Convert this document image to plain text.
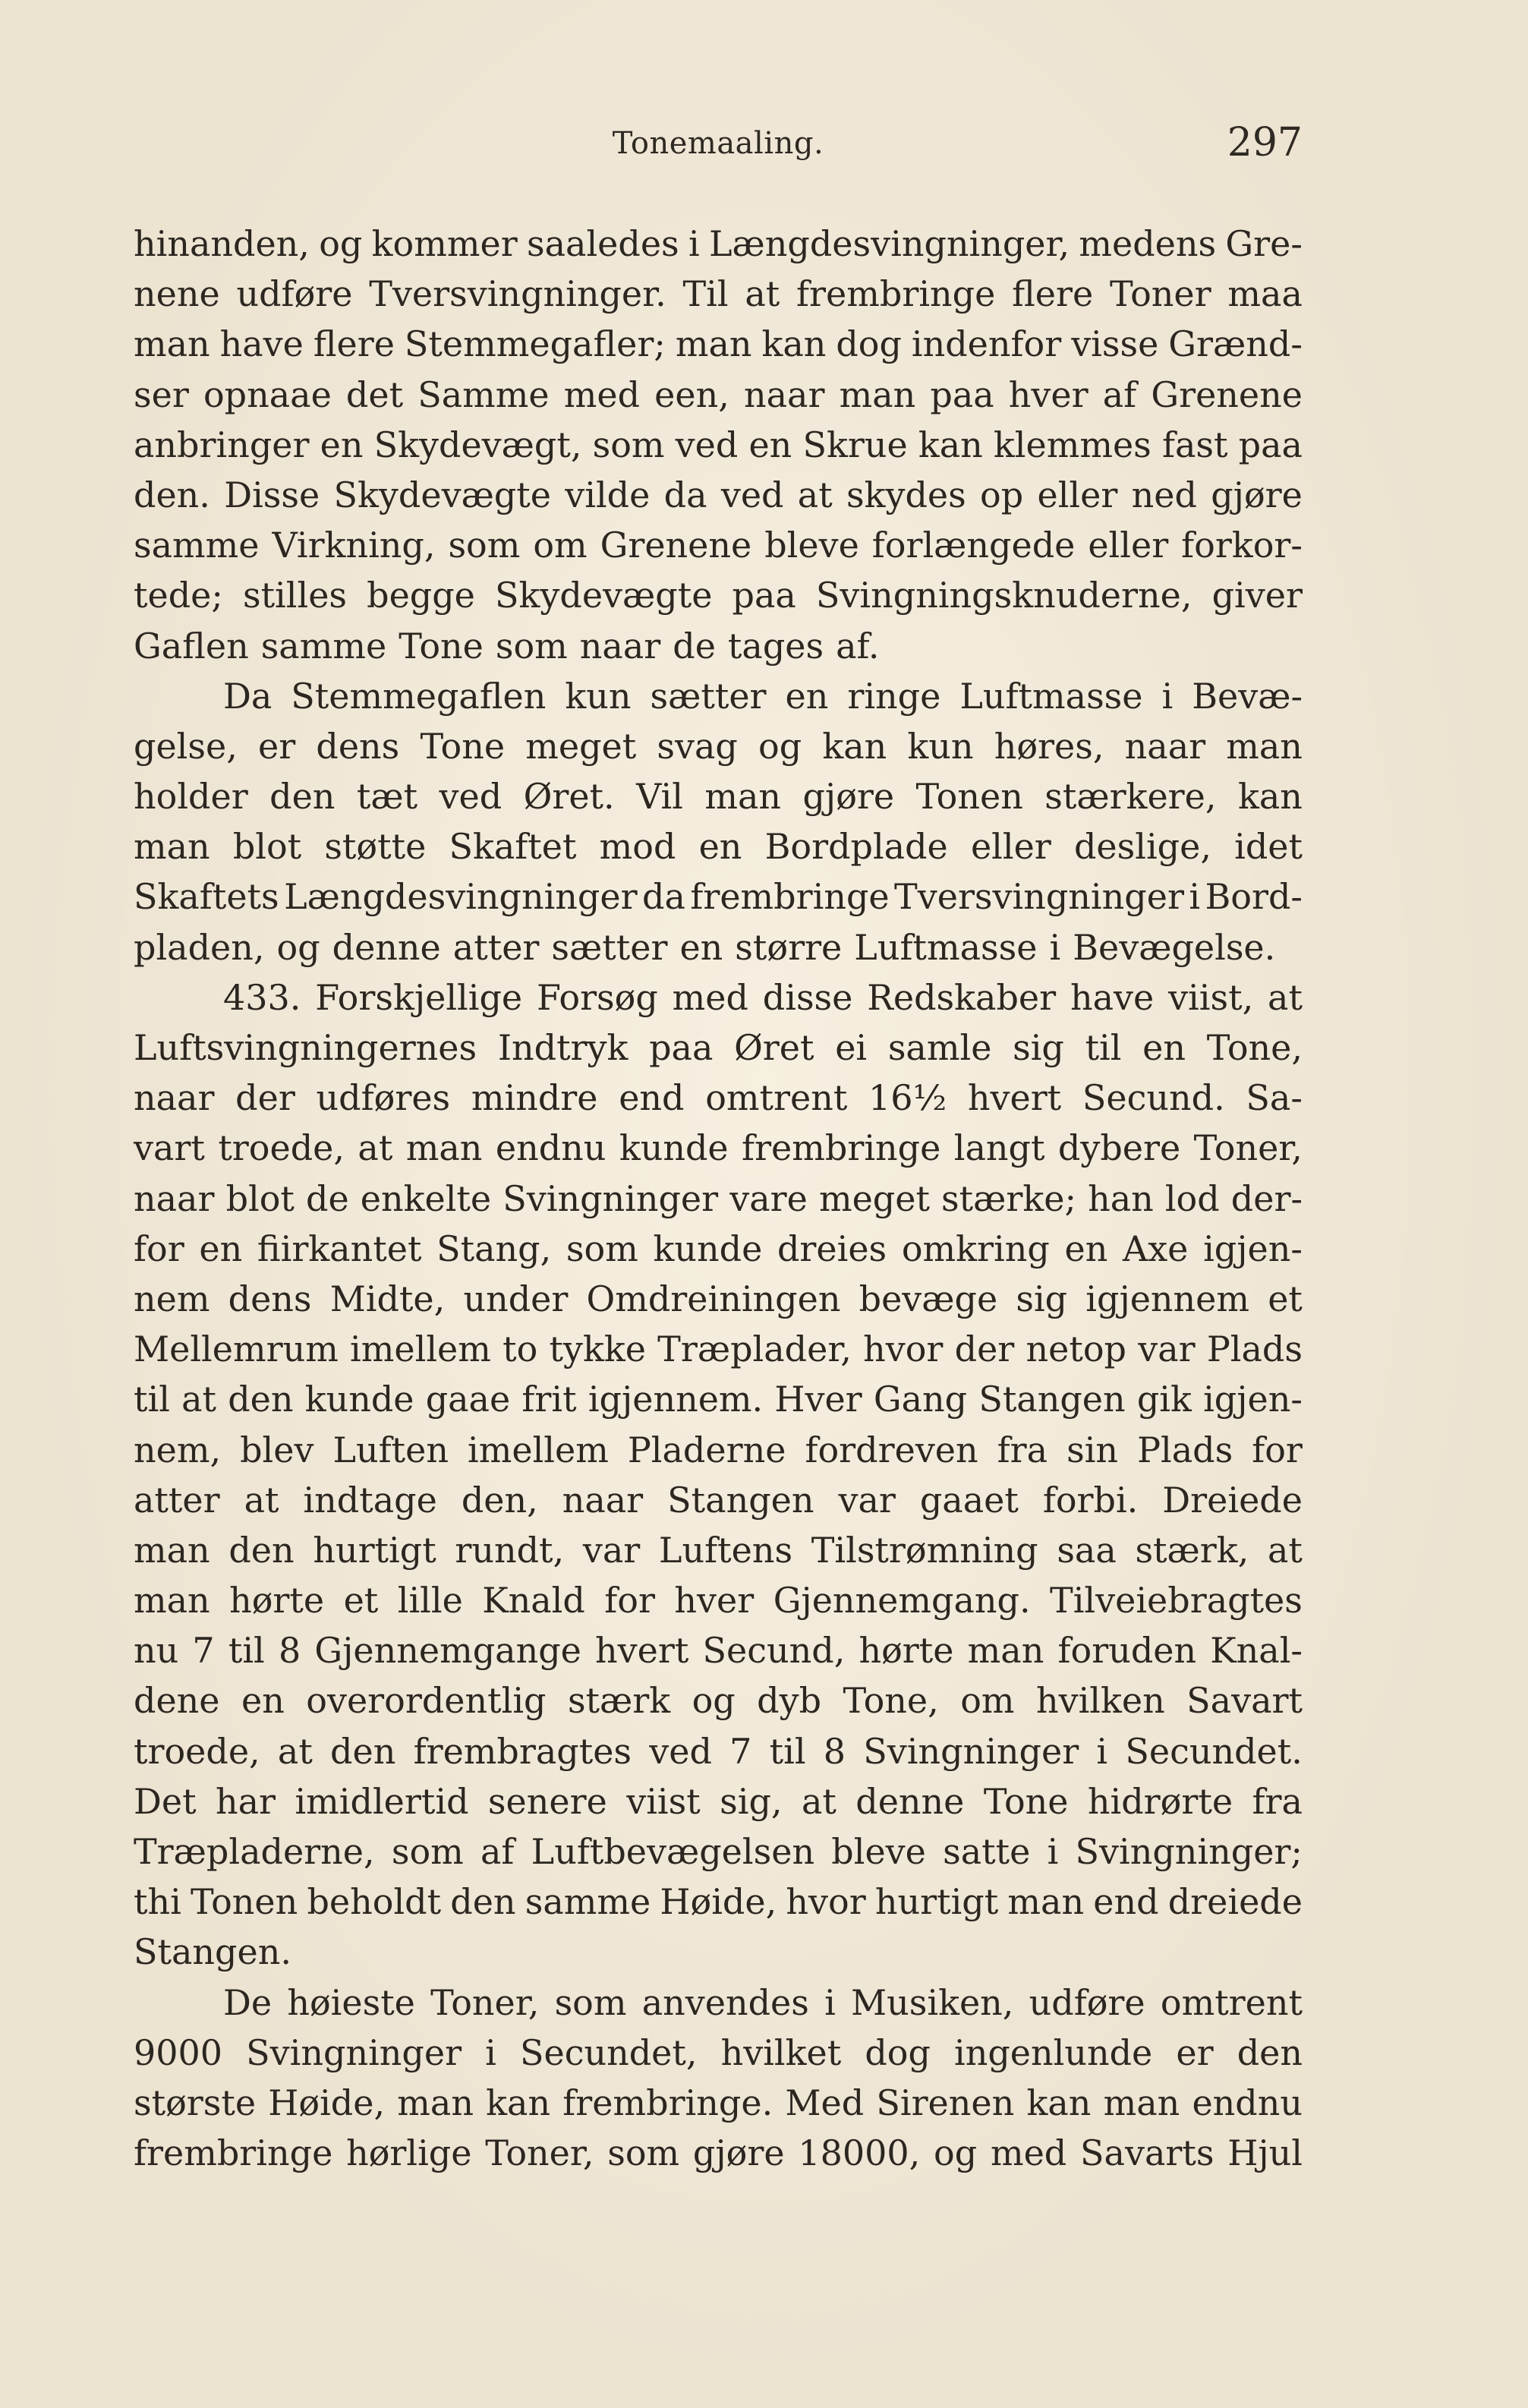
Tonemaaling.	297
hinanden, og kommer saaledes i Længdesvingninger, medens Gre-
nene udføre Tversvingninger. Til at frembringe flere Toner maa
man have flere Stemmegafler; man kan dog indenfor visse Grænd-
ser opnaae det Samme med een, naar man paa hver af Grenene
anbringer en Skydevægt, som ved en Skrue kan klemmes fast paa
den. Disse Skydevægte vilde da ved at skydes op eller ned gjøre
samme Virkning, som om Grenene bleve forlængede eller forkor-
tede; stilles begge Skydevægte paa Svingningsknuderne, giver
Gaflen samme Tone som naar de tages af.
Da Stemmegaflen kun sætter en ringe Luftmasse i Bevæ-
gelse, er dens Tone meget svag og kan kun høres, naar man
holder den tæt ved Øret. Vil man gjøre Tonen stærkere, kan
man blot støtte Skaftet mod en Bordplade eller deslige, idet
Skaftets Længdesvingninger da frembringe Tversvingninger i Bord-
pladen, og denne atter sætter en større Luftmasse i Bevægelse.
433. Forskjellige Forsøg med disse Redskaber have viist, at
Luftsvingningernes Indtryk paa Øret ei samle sig til en Tone,
naar der udføres mindre end omtrent 16½ hvert Secund. Sa-
vart troede, at man endnu kunde frembringe langt dybere Toner,
naar blot de enkelte Svingninger vare meget stærke; han lod der-
for en fiirkantet Stang, som kunde dreies omkring en Axe igjen-
nem dens Midte, under Omdreiningen bevæge sig igjennem et
Mellemrum imellem to tykke Træplader, hvor der netop var Plads
til at den kunde gaae frit igjennem. Hver Gang Stangen gik igjen-
nem, blev Luften imellem Pladerne fordreven fra sin Plads for
atter at indtage den, naar Stangen var gaaet forbi. Dreiede
man den hurtigt rundt, var Luftens Tilstrømning saa stærk, at
man hørte et lille Knald for hver Gjennemgang. Tilveiebragtes
nu 7 til 8 Gjennemgange hvert Secund, hørte man foruden Knal-
dene en overordentlig stærk og dyb Tone, om hvilken Savart
troede, at den frembragtes ved 7 til 8 Svingninger i Secundet.
Det har imidlertid senere viist sig, at denne Tone hidrørte fra
Træpladerne, som af Luftbevægelsen bleve satte i Svingninger;
thi Tonen beholdt den samme Høide, hvor hurtigt man end dreiede
Stangen.
De høieste Toner, som anvendes i Musiken, udføre omtrent
9000 Svingninger i Secundet, hvilket dog ingenlunde er den
største Høide, man kan frembringe. Med Sirenen kan man endnu
frembringe hørlige Toner, som gjøre 18000, og med Savarts Hjul
